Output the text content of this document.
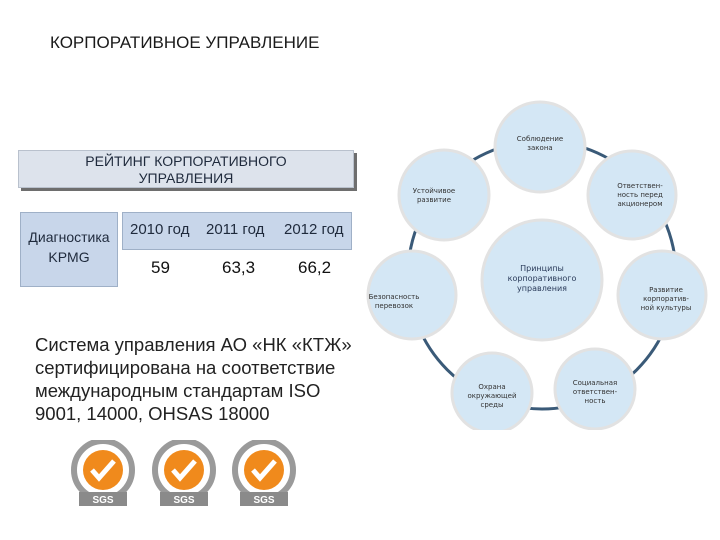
КОРПОРАТИВНОЕ УПРАВЛЕНИЕ
РЕЙТИНГ КОРПОРАТИВНОГО
УПРАВЛЕНИЯ
Диагностика
KPMG
2010 год 2011 год 2012 год
59	63,3	66,2
Система управления АО «НК «КТЖ»
сертифицирована на соответствие
международным стандартам ISO
9001, 14000, OHSAS 18000
SGS	SGS	SGS
Принципы
корпоративного
управления
Соблюдение
закона
Ответствен-
ность перед
акционером
Развитие
корпоратив-
ной культуры
Социальная
ответствен-
ность
Охрана
окружающей
среды
Безопасность
перевозок
Устойчивое
развитие
